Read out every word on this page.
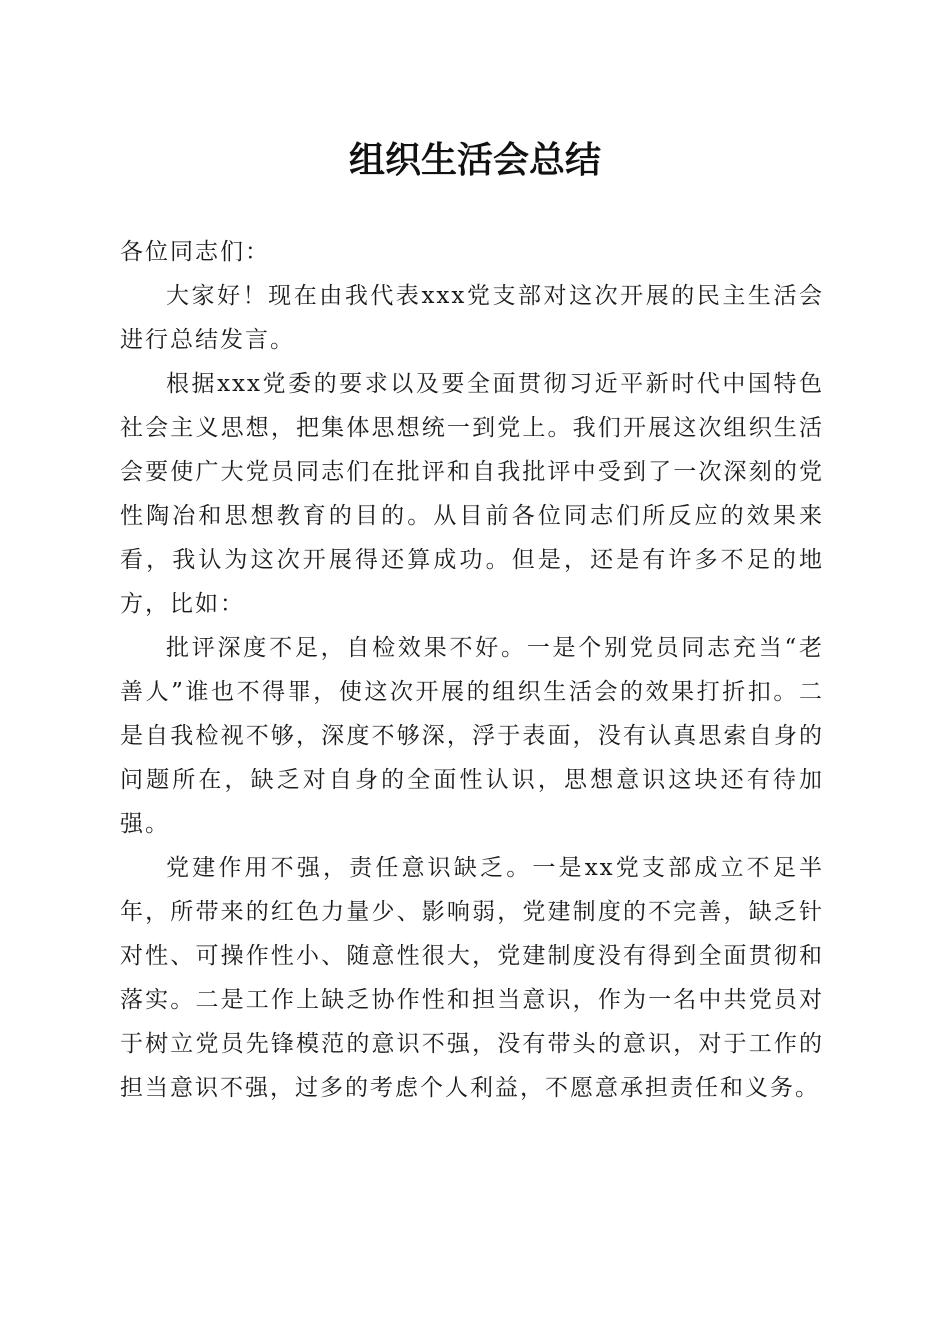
组织生活会总结

各位同志们：

大家好！现在由我代表xxx党支部对这次开展的民主生活会进行总结发言。

根据xxx党委的要求以及要全面贯彻习近平新时代中国特色社会主义思想，把集体思想统一到党上。我们开展这次组织生活会要使广大党员同志们在批评和自我批评中受到了一次深刻的党性陶冶和思想教育的目的。从目前各位同志们所反应的效果来看，我认为这次开展得还算成功。但是，还是有许多不足的地方，比如：

批评深度不足，自检效果不好。一是个别党员同志充当“老善人”谁也不得罪，使这次开展的组织生活会的效果打折扣。二是自我检视不够，深度不够深，浮于表面，没有认真思索自身的问题所在，缺乏对自身的全面性认识，思想意识这块还有待加强。

党建作用不强，责任意识缺乏。一是xx党支部成立不足半年，所带来的红色力量少、影响弱，党建制度的不完善，缺乏针对性、可操作性小、随意性很大，党建制度没有得到全面贯彻和落实。二是工作上缺乏协作性和担当意识，作为一名中共党员对于树立党员先锋模范的意识不强，没有带头的意识，对于工作的担当意识不强，过多的考虑个人利益，不愿意承担责任和义务。
